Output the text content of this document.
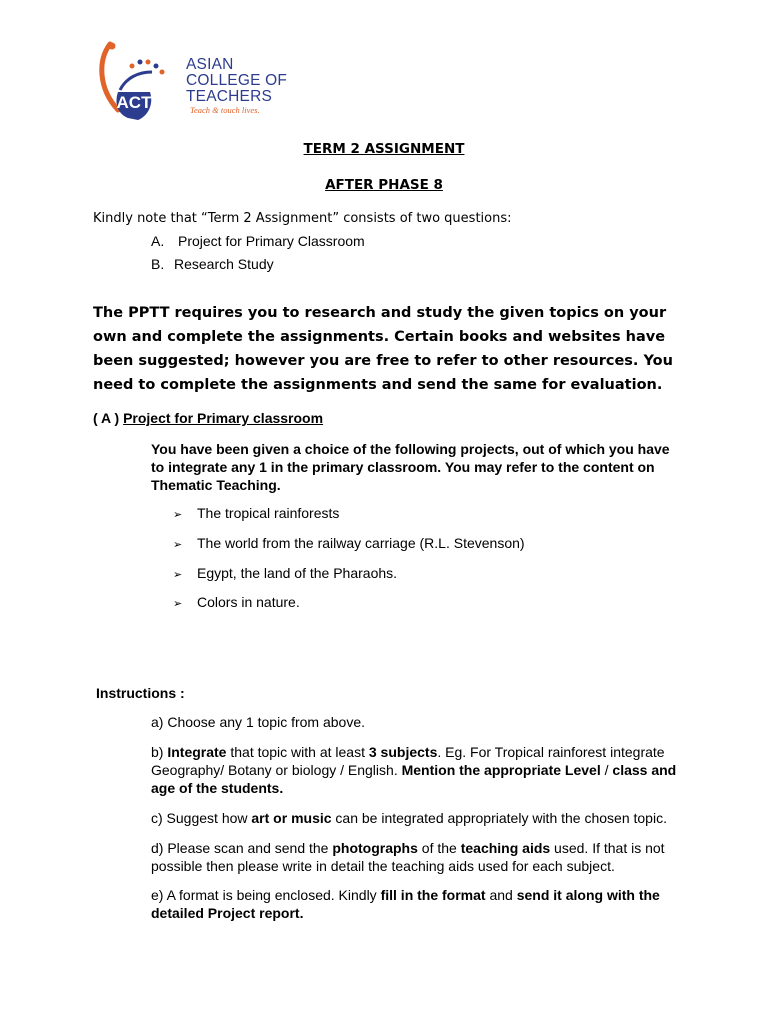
ACT
ASIAN
COLLEGE OF
TEACHERS
Teach & touch lives.
TERM 2 ASSIGNMENT
AFTER PHASE 8
Kindly note that “Term 2 Assignment” consists of two questions:
A. Project for Primary Classroom
B. Research Study
The PPTT requires you to research and study the given topics on your own and complete the assignments. Certain books and websites have been suggested; however you are free to refer to other resources. You need to complete the assignments and send the same for evaluation.
( A ) Project for Primary classroom
You have been given a choice of the following projects, out of which you have to integrate any 1 in the primary classroom. You may refer to the content on Thematic Teaching.
➢ The tropical rainforests
➢ The world from the railway carriage (R.L. Stevenson)
➢ Egypt, the land of the Pharaohs.
➢ Colors in nature.
Instructions :
a) Choose any 1 topic from above.
b) Integrate that topic with at least 3 subjects. Eg. For Tropical rainforest integrate Geography/ Botany or biology / English. Mention the appropriate Level / class and age of the students.
c) Suggest how art or music can be integrated appropriately with the chosen topic.
d) Please scan and send the photographs of the teaching aids used. If that is not possible then please write in detail the teaching aids used for each subject.
e) A format is being enclosed. Kindly fill in the format and send it along with the detailed Project report.
